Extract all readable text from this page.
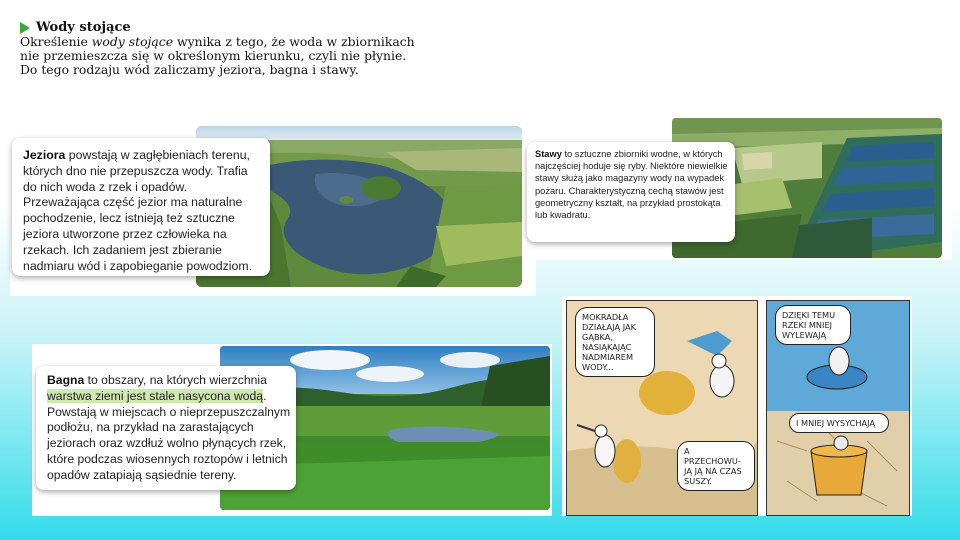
Wody stojące
Określenie wody stojące wynika z tego, że woda w zbiornikach
nie przemieszcza się w określonym kierunku, czyli nie płynie.
Do tego rodzaju wód zaliczamy jeziora, bagna i stawy.
Jeziora powstają w zagłębieniach terenu, których dno nie przepuszcza wody. Trafia do nich woda z rzek i opadów. Przeważająca część jezior ma naturalne pochodzenie, lecz istnieją też sztuczne jeziora utworzone przez człowieka na rzekach. Ich zadaniem jest zbieranie nadmiaru wód i zapobieganie powodziom.
Stawy to sztuczne zbiorniki wodne, w których najczęściej hoduje się ryby. Niektóre niewielkie stawy służą jako magazyny wody na wypadek pożaru. Charakterystyczną cechą stawów jest geometryczny kształt, na przykład prostokąta lub kwadratu.
Bagna to obszary, na których wierzchnia warstwa ziemi jest stale nasycona wodą. Powstają w miejscach o nieprzepuszczalnym podłożu, na przykład na zarastających jeziorach oraz wzdłuż wolno płynących rzek, które podczas wiosennych roztopów i letnich opadów zatapiają sąsiednie tereny.
MOKRADŁA DZIAŁAJĄ JAK GĄBKA, NASIĄKAJĄC NADMIAREM WODY...
A PRZECHOWU-JĄ JĄ NA CZAS SUSZY.
DZIĘKI TEMU RZEKI MNIEJ WYLEWAJĄ
I MNIEJ WYSYCHAJĄ
